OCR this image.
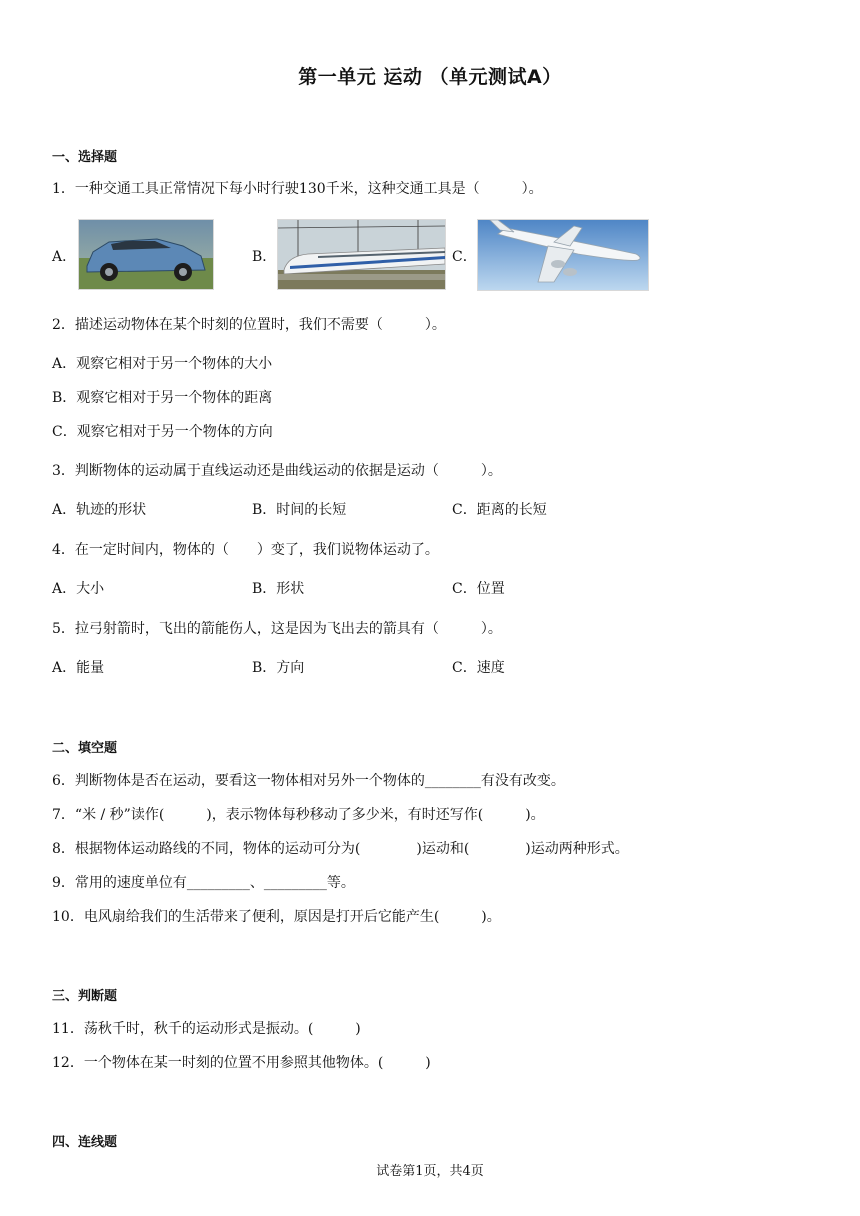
第一单元 运动 （单元测试A）
一、选择题
1．一种交通工具正常情况下每小时行驶130千米，这种交通工具是（　　　）。
A．	B．	C．
2．描述运动物体在某个时刻的位置时，我们不需要（　　　）。
A．观察它相对于另一个物体的大小
B．观察它相对于另一个物体的距离
C．观察它相对于另一个物体的方向
3．判断物体的运动属于直线运动还是曲线运动的依据是运动（　　　）。
A．轨迹的形状	B．时间的长短	C．距离的长短
4．在一定时间内，物体的（　　）变了，我们说物体运动了。
A．大小	B．形状	C．位置
5．拉弓射箭时，飞出的箭能伤人，这是因为飞出去的箭具有（　　　）。
A．能量	B．方向	C．速度
二、填空题
6．判断物体是否在运动，要看这一物体相对另外一个物体的________有没有改变。
7．“米 / 秒”读作(　　　)，表示物体每秒移动了多少米，有时还写作(　　　)。
8．根据物体运动路线的不同，物体的运动可分为(　　　　)运动和(　　　　)运动两种形式。
9．常用的速度单位有_________、_________等。
10．电风扇给我们的生活带来了便利，原因是打开后它能产生(　　　)。
三、判断题
11．荡秋千时，秋千的运动形式是振动。(　　　)
12．一个物体在某一时刻的位置不用参照其他物体。(　　　)
四、连线题
试卷第1页，共4页
